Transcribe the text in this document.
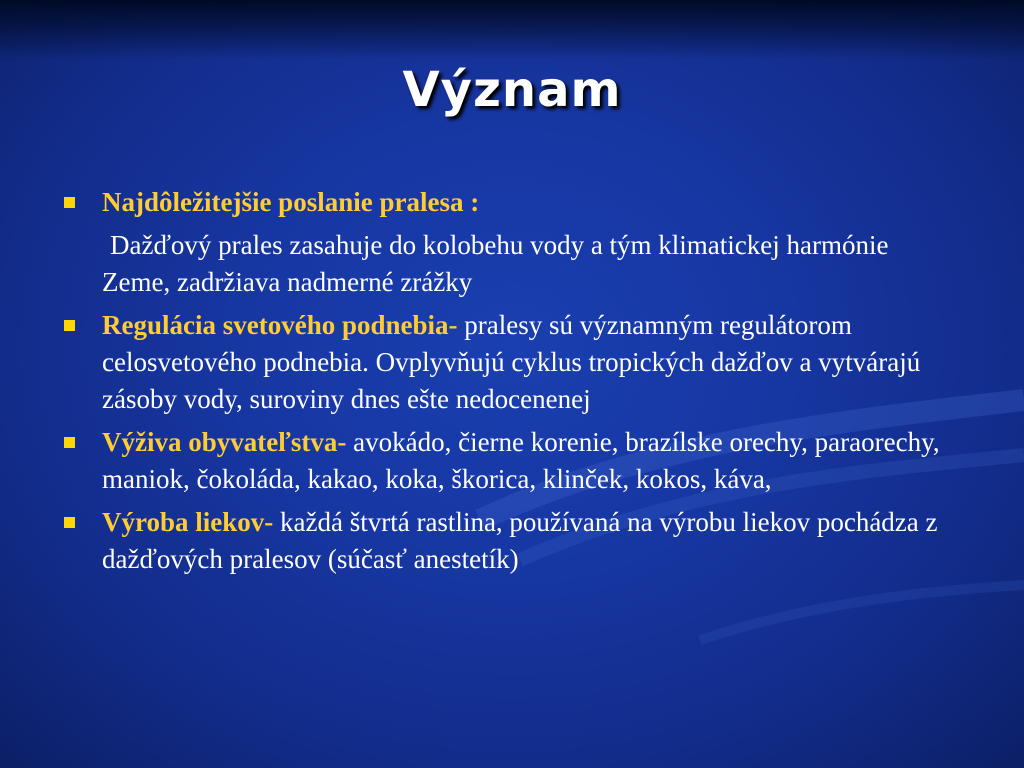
Význam
Najdôležitejšie poslanie pralesa :
Dažďový prales zasahuje do kolobehu vody a tým klimatickej harmónie Zeme, zadržiava nadmerné zrážky
Regulácia svetového podnebia- pralesy sú významným regulátorom celosvetového podnebia. Ovplyvňujú cyklus tropických dažďov a vytvárajú zásoby vody, suroviny dnes ešte nedocenenej
Výživa obyvateľstva- avokádo, čierne korenie, brazílske orechy, paraorechy, maniok, čokoláda, kakao, koka, škorica, klinček, kokos, káva,
Výroba liekov- každá štvrtá rastlina, používaná na výrobu liekov pochádza z dažďových pralesov (súčasť anestetík)
